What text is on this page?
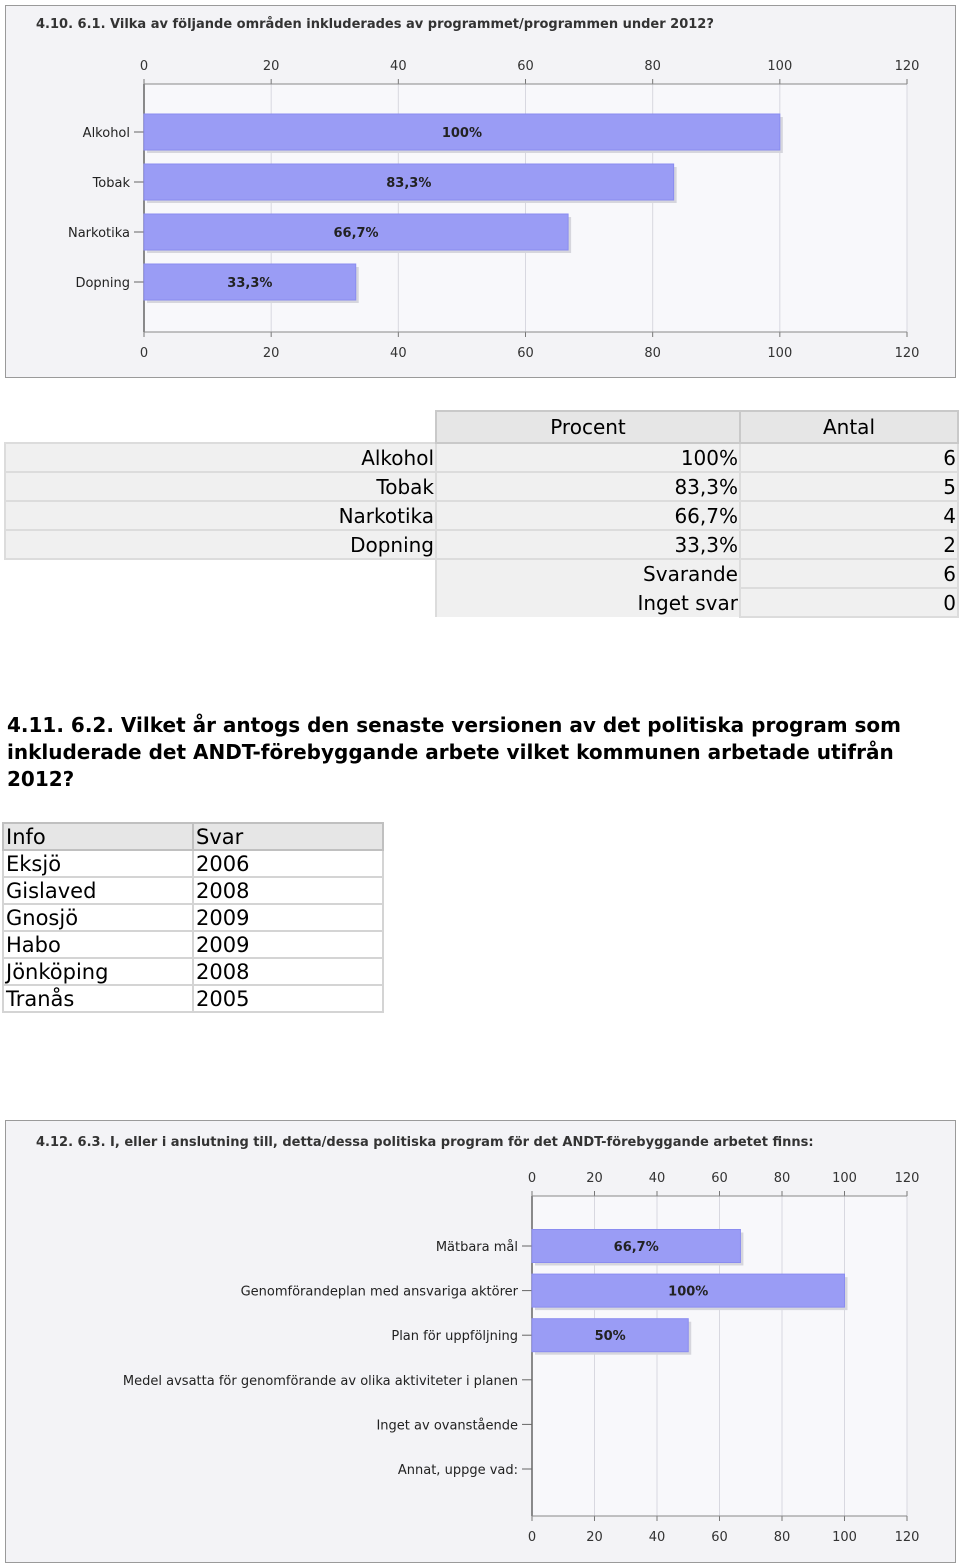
4.10. 6.1. Vilka av följande områden inkluderades av programmet/programmen under 2012?
0
0
20
20
40
40
60
60
80
80
100
100
120
120
Alkohol	100%
Tobak	83,3%
Narkotika	66,7%
Dopning	33,3%
	Procent	Antal
Alkohol	100%	6
Tobak	83,3%	5
Narkotika	66,7%	4
Dopning	33,3%	2
	Svarande	6
	Inget svar	0

4.11. 6.2. Vilket år antogs den senaste versionen av det politiska program som inkluderade det ANDT-förebyggande arbete vilket kommunen arbetade utifrån 2012?

Info	Svar
Eksjö	2006
Gislaved	2008
Gnosjö	2009
Habo	2009
Jönköping	2008
Tranås	2005
4.12. 6.3. I, eller i anslutning till, detta/dessa politiska program för det ANDT-förebyggande arbetet finns:
0
0
20
20
40
40
60
60
80
80
100
100
120
120
Mätbara mål	66,7%
Genomförandeplan med ansvariga aktörer	100%
Plan för uppföljning	50%
Medel avsatta för genomförande av olika aktiviteter i planen
Inget av ovanstående
Annat, uppge vad:
